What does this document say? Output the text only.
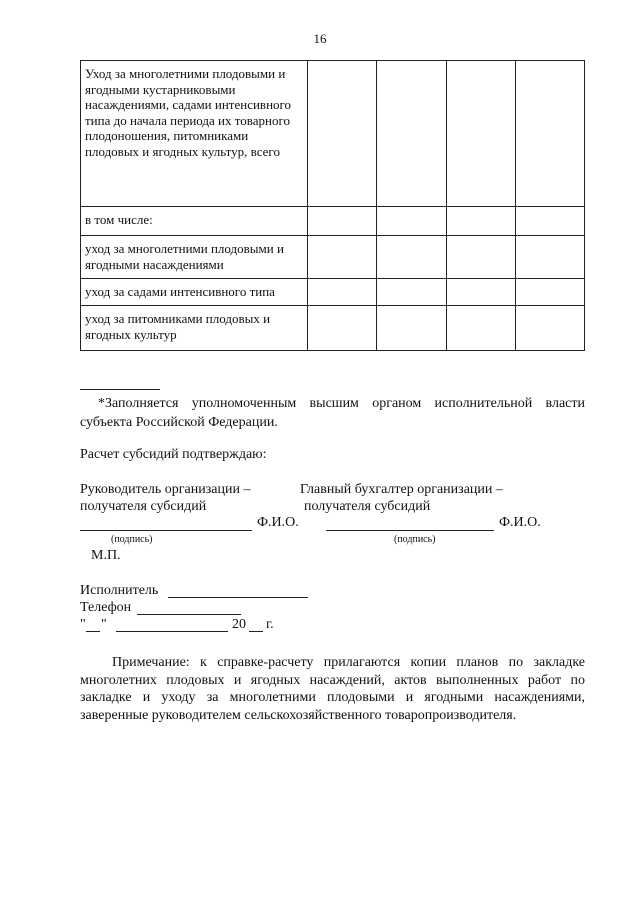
16
Уход за многолетними плодовыми и ягодными кустарниковыми насаждениями, садами интенсивного типа до начала периода их товарного плодоношения, питомниками плодовых и ягодных культур, всего				
в том числе:				
уход за многолетними плодовыми и ягодными насаждениями				
уход за садами интенсивного типа				
уход за питомниками плодовых и ягодных культур				
*Заполняется уполномоченным высшим органом исполнительной власти субъекта Российской Федерации.
Расчет субсидий подтверждаю:
Руководитель организации –
получателя субсидий
Ф.И.О.
(подпись)
М.П.
Главный бухгалтер организации –
получателя субсидий
Ф.И.О.
(подпись)
Исполнитель
Телефон
" "	20 г.
Примечание: к справке-расчету прилагаются копии планов по закладке многолетних плодовых и ягодных насаждений, актов выполненных работ по закладке и уходу за многолетними плодовыми и ягодными насаждениями, заверенные руководителем сельскохозяйственного товаропроизводителя.
